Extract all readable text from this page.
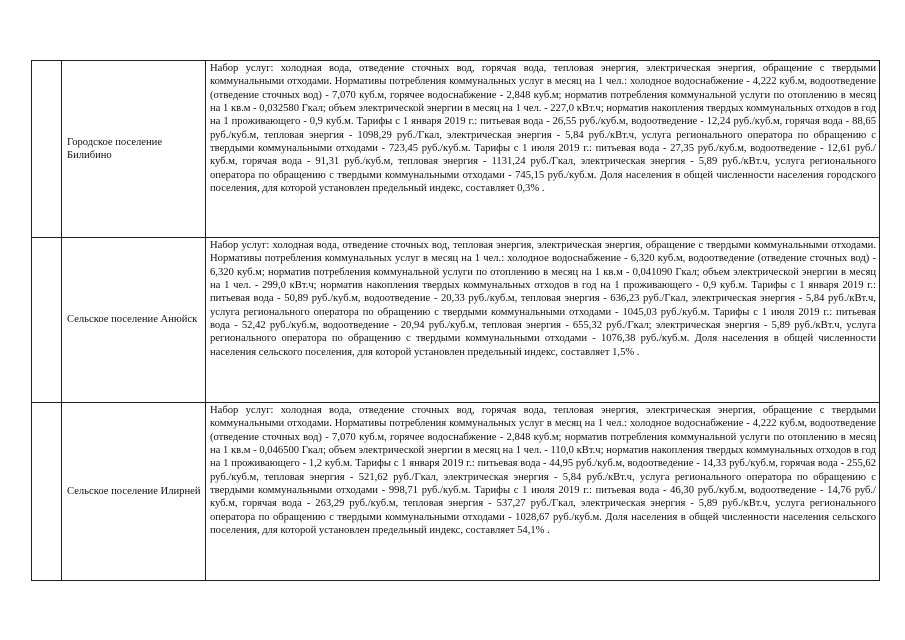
	Городское поселение Билибино	Набор услуг: холодная вода, отведение сточных вод, горячая вода, тепловая энергия, электрическая энергия, обращение с твердыми коммунальными отходами. Нормативы потребления коммунальных услуг в месяц на 1 чел.: холодное водоснабжение - 4,222 куб.м, водоотведение (отведение сточных вод) - 7,070 куб.м, горячее водоснабжение - 2,848 куб.м; норматив потребления коммунальной услуги по отоплению в месяц на 1 кв.м - 0,032580 Гкал; объем электрической энергии в месяц на 1 чел. - 227,0 кВт.ч; норматив накопления твердых коммунальных отходов в год на 1 проживающего - 0,9 куб.м. Тарифы с 1 января 2019 г.: питьевая вода - 26,55 руб./куб.м, водоотведение - 12,24 руб./куб.м, горячая вода - 88,65 руб./куб.м, тепловая энергия - 1098,29 руб./Гкал, электрическая энергия - 5,84 руб./кВт.ч, услуга регионального оператора по обращению с твердыми коммунальными отходами - 723,45 руб./куб.м. Тарифы с 1 июля 2019 г.: питьевая вода - 27,35 руб./куб.м, водоотведение - 12,61 руб./куб.м, горячая вода - 91,31 руб./куб.м, тепловая энергия - 1131,24 руб./Гкал, электрическая энергия - 5,89 руб./кВт.ч, услуга регионального оператора по обращению с твердыми коммунальными отходами - 745,15 руб./куб.м. Доля населения в общей численности населения городского поселения, для которой установлен предельный индекс, составляет 0,3% .
	Сельское поселение Анюйск	Набор услуг: холодная вода, отведение сточных вод, тепловая энергия, электрическая энергия, обращение с твердыми коммунальными отходами. Нормативы потребления коммунальных услуг в месяц на 1 чел.: холодное водоснабжение - 6,320 куб.м, водоотведение (отведение сточных вод) - 6,320 куб.м; норматив потребления коммунальной услуги по отоплению в месяц на 1 кв.м - 0,041090 Гкал; объем электрической энергии в месяц на 1 чел. - 299,0 кВт.ч; норматив накопления твердых коммунальных отходов в год на 1 проживающего - 0,9 куб.м. Тарифы с 1 января 2019 г.: питьевая вода - 50,89 руб./куб.м, водоотведение - 20,33 руб./куб.м, тепловая энергия - 636,23 руб./Гкал, электрическая энергия - 5,84 руб./кВт.ч, услуга регионального оператора по обращению с твердыми коммунальными отходами - 1045,03 руб./куб.м. Тарифы с 1 июля 2019 г.: питьевая вода - 52,42 руб./куб.м, водоотведение - 20,94 руб./куб.м, тепловая энергия - 655,32 руб./Гкал; электрическая энергия - 5,89 руб./кВт.ч, услуга регионального оператора по обращению с твердыми коммунальными отходами - 1076,38 руб./куб.м. Доля населения в общей численности населения сельского поселения, для которой установлен предельный индекс, составляет 1,5% .
	Сельское поселение Илирней	Набор услуг: холодная вода, отведение сточных вод, горячая вода, тепловая энергия, электрическая энергия, обращение с твердыми коммунальными отходами. Нормативы потребления коммунальных услуг в месяц на 1 чел.: холодное водоснабжение - 4,222 куб.м, водоотведение (отведение сточных вод) - 7,070 куб.м, горячее водоснабжение - 2,848 куб.м; норматив потребления коммунальной услуги по отоплению в месяц на 1 кв.м - 0,046500 Гкал; объем электрической энергии в месяц на 1 чел. - 110,0 кВт.ч; норматив накопления твердых коммунальных отходов в год на 1 проживающего - 1,2 куб.м. Тарифы с 1 января 2019 г.: питьевая вода - 44,95 руб./куб.м, водоотведение - 14,33 руб./куб.м, горячая вода - 255,62 руб./куб.м, тепловая энергия - 521,62 руб./Гкал, электрическая энергия - 5,84 руб./кВт.ч, услуга регионального оператора по обращению с твердыми коммунальными отходами - 998,71 руб./куб.м. Тарифы с 1 июля 2019 г.: питьевая вода - 46,30 руб./куб.м, водоотведение - 14,76 руб./куб.м, горячая вода - 263,29 руб./куб.м, тепловая энергия - 537,27 руб./Гкал, электрическая энергия - 5,89 руб./кВт.ч, услуга регионального оператора по обращению с твердыми коммунальными отходами - 1028,67 руб./куб.м. Доля населения в общей численности населения сельского поселения, для которой установлен предельный индекс, составляет 54,1% .
